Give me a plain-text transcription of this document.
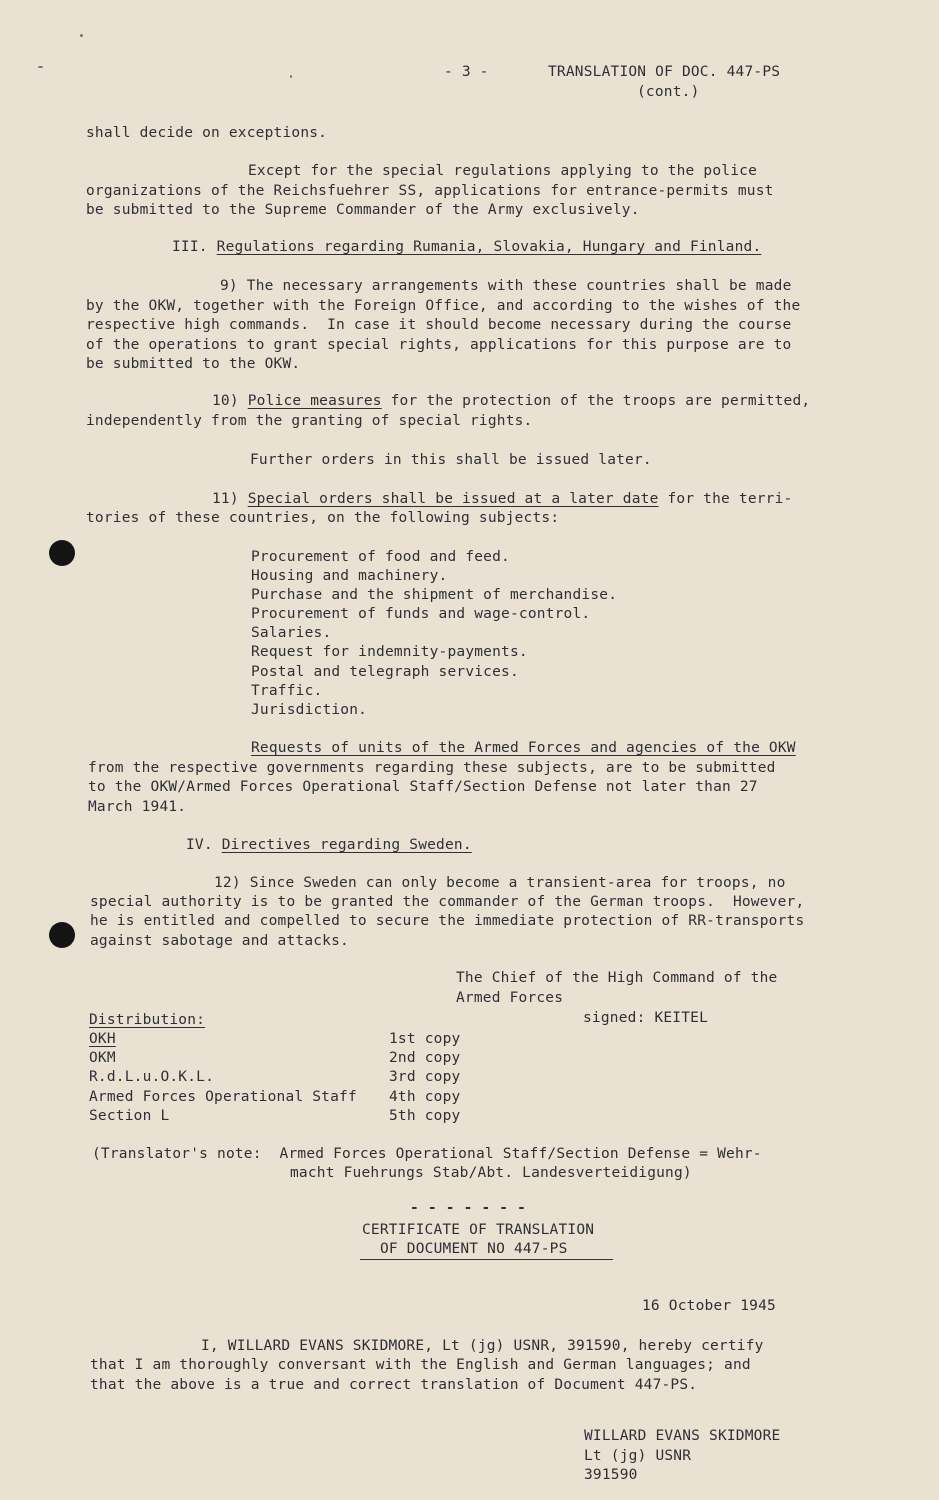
- 3 -	TRANSLATION OF DOC. 447-PS
(cont.)
shall decide on exceptions.
Except for the special regulations applying to the police
organizations of the Reichsfuehrer SS, applications for entrance-permits must
be submitted to the Supreme Commander of the Army exclusively.
III. Regulations regarding Rumania, Slovakia, Hungary and Finland.
9) The necessary arrangements with these countries shall be made
by the OKW, together with the Foreign Office, and according to the wishes of the
respective high commands.  In case it should become necessary during the course
of the operations to grant special rights, applications for this purpose are to
be submitted to the OKW.
10) Police measures for the protection of the troops are permitted,
independently from the granting of special rights.
Further orders in this shall be issued later.
11) Special orders shall be issued at a later date for the terri-
tories of these countries, on the following subjects:
Procurement of food and feed.
Housing and machinery.
Purchase and the shipment of merchandise.
Procurement of funds and wage-control.
Salaries.
Request for indemnity-payments.
Postal and telegraph services.
Traffic.
Jurisdiction.
Requests of units of the Armed Forces and agencies of the OKW
from the respective governments regarding these subjects, are to be submitted
to the OKW/Armed Forces Operational Staff/Section Defense not later than 27
March 1941.
IV. Directives regarding Sweden.
12) Since Sweden can only become a transient-area for troops, no
special authority is to be granted the commander of the German troops.  However,
he is entitled and compelled to secure the immediate protection of RR-transports
against sabotage and attacks.
The Chief of the High Command of the
Armed Forces
signed: KEITEL
Distribution:
OKH	1st copy
OKM	2nd copy
R.d.L.u.O.K.L.	3rd copy
Armed Forces Operational Staff 4th copy
Section L	5th copy
(Translator's note:  Armed Forces Operational Staff/Section Defense = Wehr-
macht Fuehrungs Stab/Abt. Landesverteidigung)
- - - - - - -
CERTIFICATE OF TRANSLATION
OF DOCUMENT NO 447-PS
16 October 1945
I, WILLARD EVANS SKIDMORE, Lt (jg) USNR, 391590, hereby certify
that I am thoroughly conversant with the English and German languages; and
that the above is a true and correct translation of Document 447-PS.
WILLARD EVANS SKIDMORE
Lt (jg) USNR
391590
